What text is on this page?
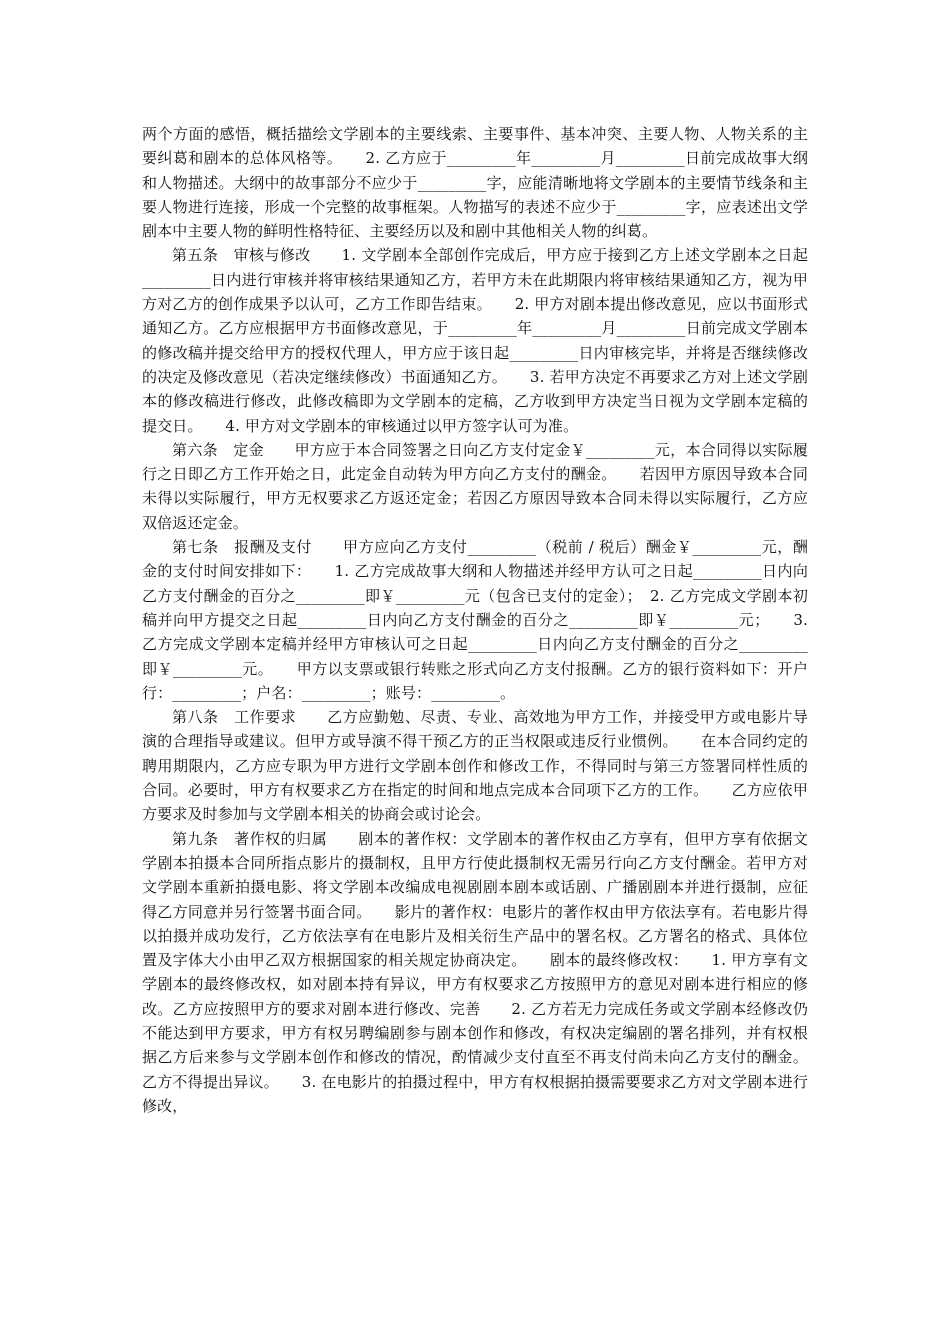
两个方面的感悟，概括描绘文学剧本的主要线索、主要事件、基本冲突、主要人物、人物关系的主要纠葛和剧本的总体风格等。　　2. 乙方应于_________年_________月_________日前完成故事大纲和人物描述。大纲中的故事部分不应少于_________字，应能清晰地将文学剧本的主要情节线条和主要人物进行连接，形成一个完整的故事框架。人物描写的表述不应少于_________字，应表述出文学剧本中主要人物的鲜明性格特征、主要经历以及和剧中其他相关人物的纠葛。

第五条　审核与修改　　1. 文学剧本全部创作完成后，甲方应于接到乙方上述文学剧本之日起_________日内进行审核并将审核结果通知乙方，若甲方未在此期限内将审核结果通知乙方，视为甲方对乙方的创作成果予以认可，乙方工作即告结束。　　2. 甲方对剧本提出修改意见，应以书面形式通知乙方。乙方应根据甲方书面修改意见，于_________年_________月_________日前完成文学剧本的修改稿并提交给甲方的授权代理人，甲方应于该日起_________日内审核完毕，并将是否继续修改的决定及修改意见（若决定继续修改）书面通知乙方。　　3. 若甲方决定不再要求乙方对上述文学剧本的修改稿进行修改，此修改稿即为文学剧本的定稿，乙方收到甲方决定当日视为文学剧本定稿的提交日。　　4. 甲方对文学剧本的审核通过以甲方签字认可为准。

第六条　定金　　甲方应于本合同签署之日向乙方支付定金￥_________元，本合同得以实际履行之日即乙方工作开始之日，此定金自动转为甲方向乙方支付的酬金。　　若因甲方原因导致本合同未得以实际履行，甲方无权要求乙方返还定金；若因乙方原因导致本合同未得以实际履行，乙方应双倍返还定金。

第七条　报酬及支付　　甲方应向乙方支付_________（税前 / 税后）酬金￥_________元，酬金的支付时间安排如下：　　1. 乙方完成故事大纲和人物描述并经甲方认可之日起_________日内向乙方支付酬金的百分之_________即￥_________元（包含已支付的定金）；　2. 乙方完成文学剧本初稿并向甲方提交之日起_________日内向乙方支付酬金的百分之_________即￥_________元；　　3. 乙方完成文学剧本定稿并经甲方审核认可之日起_________日内向乙方支付酬金的百分之_________即￥_________元。　　甲方以支票或银行转账之形式向乙方支付报酬。乙方的银行资料如下：开户行：_________；户名：_________；账号：_________。

第八条　工作要求　　乙方应勤勉、尽责、专业、高效地为甲方工作，并接受甲方或电影片导演的合理指导或建议。但甲方或导演不得干预乙方的正当权限或违反行业惯例。　　在本合同约定的聘用期限内，乙方应专职为甲方进行文学剧本创作和修改工作，不得同时与第三方签署同样性质的合同。必要时，甲方有权要求乙方在指定的时间和地点完成本合同项下乙方的工作。　　乙方应依甲方要求及时参加与文学剧本相关的协商会或讨论会。

第九条　著作权的归属　　剧本的著作权：文学剧本的著作权由乙方享有，但甲方享有依据文学剧本拍摄本合同所指点影片的摄制权，且甲方行使此摄制权无需另行向乙方支付酬金。若甲方对文学剧本重新拍摄电影、将文学剧本改编成电视剧剧本剧本或话剧、广播剧剧本并进行摄制，应征得乙方同意并另行签署书面合同。　　影片的著作权：电影片的著作权由甲方依法享有。若电影片得以拍摄并成功发行，乙方依法享有在电影片及相关衍生产品中的署名权。乙方署名的格式、具体位置及字体大小由甲乙双方根据国家的相关规定协商决定。　　剧本的最终修改权：　　1. 甲方享有文学剧本的最终修改权，如对剧本持有异议，甲方有权要求乙方按照甲方的意见对剧本进行相应的修改。乙方应按照甲方的要求对剧本进行修改、完善　　2. 乙方若无力完成任务或文学剧本经修改仍不能达到甲方要求，甲方有权另聘编剧参与剧本创作和修改，有权决定编剧的署名排列，并有权根据乙方后来参与文学剧本创作和修改的情况，酌情减少支付直至不再支付尚未向乙方支付的酬金。乙方不得提出异议。　　3. 在电影片的拍摄过程中，甲方有权根据拍摄需要要求乙方对文学剧本进行修改，
